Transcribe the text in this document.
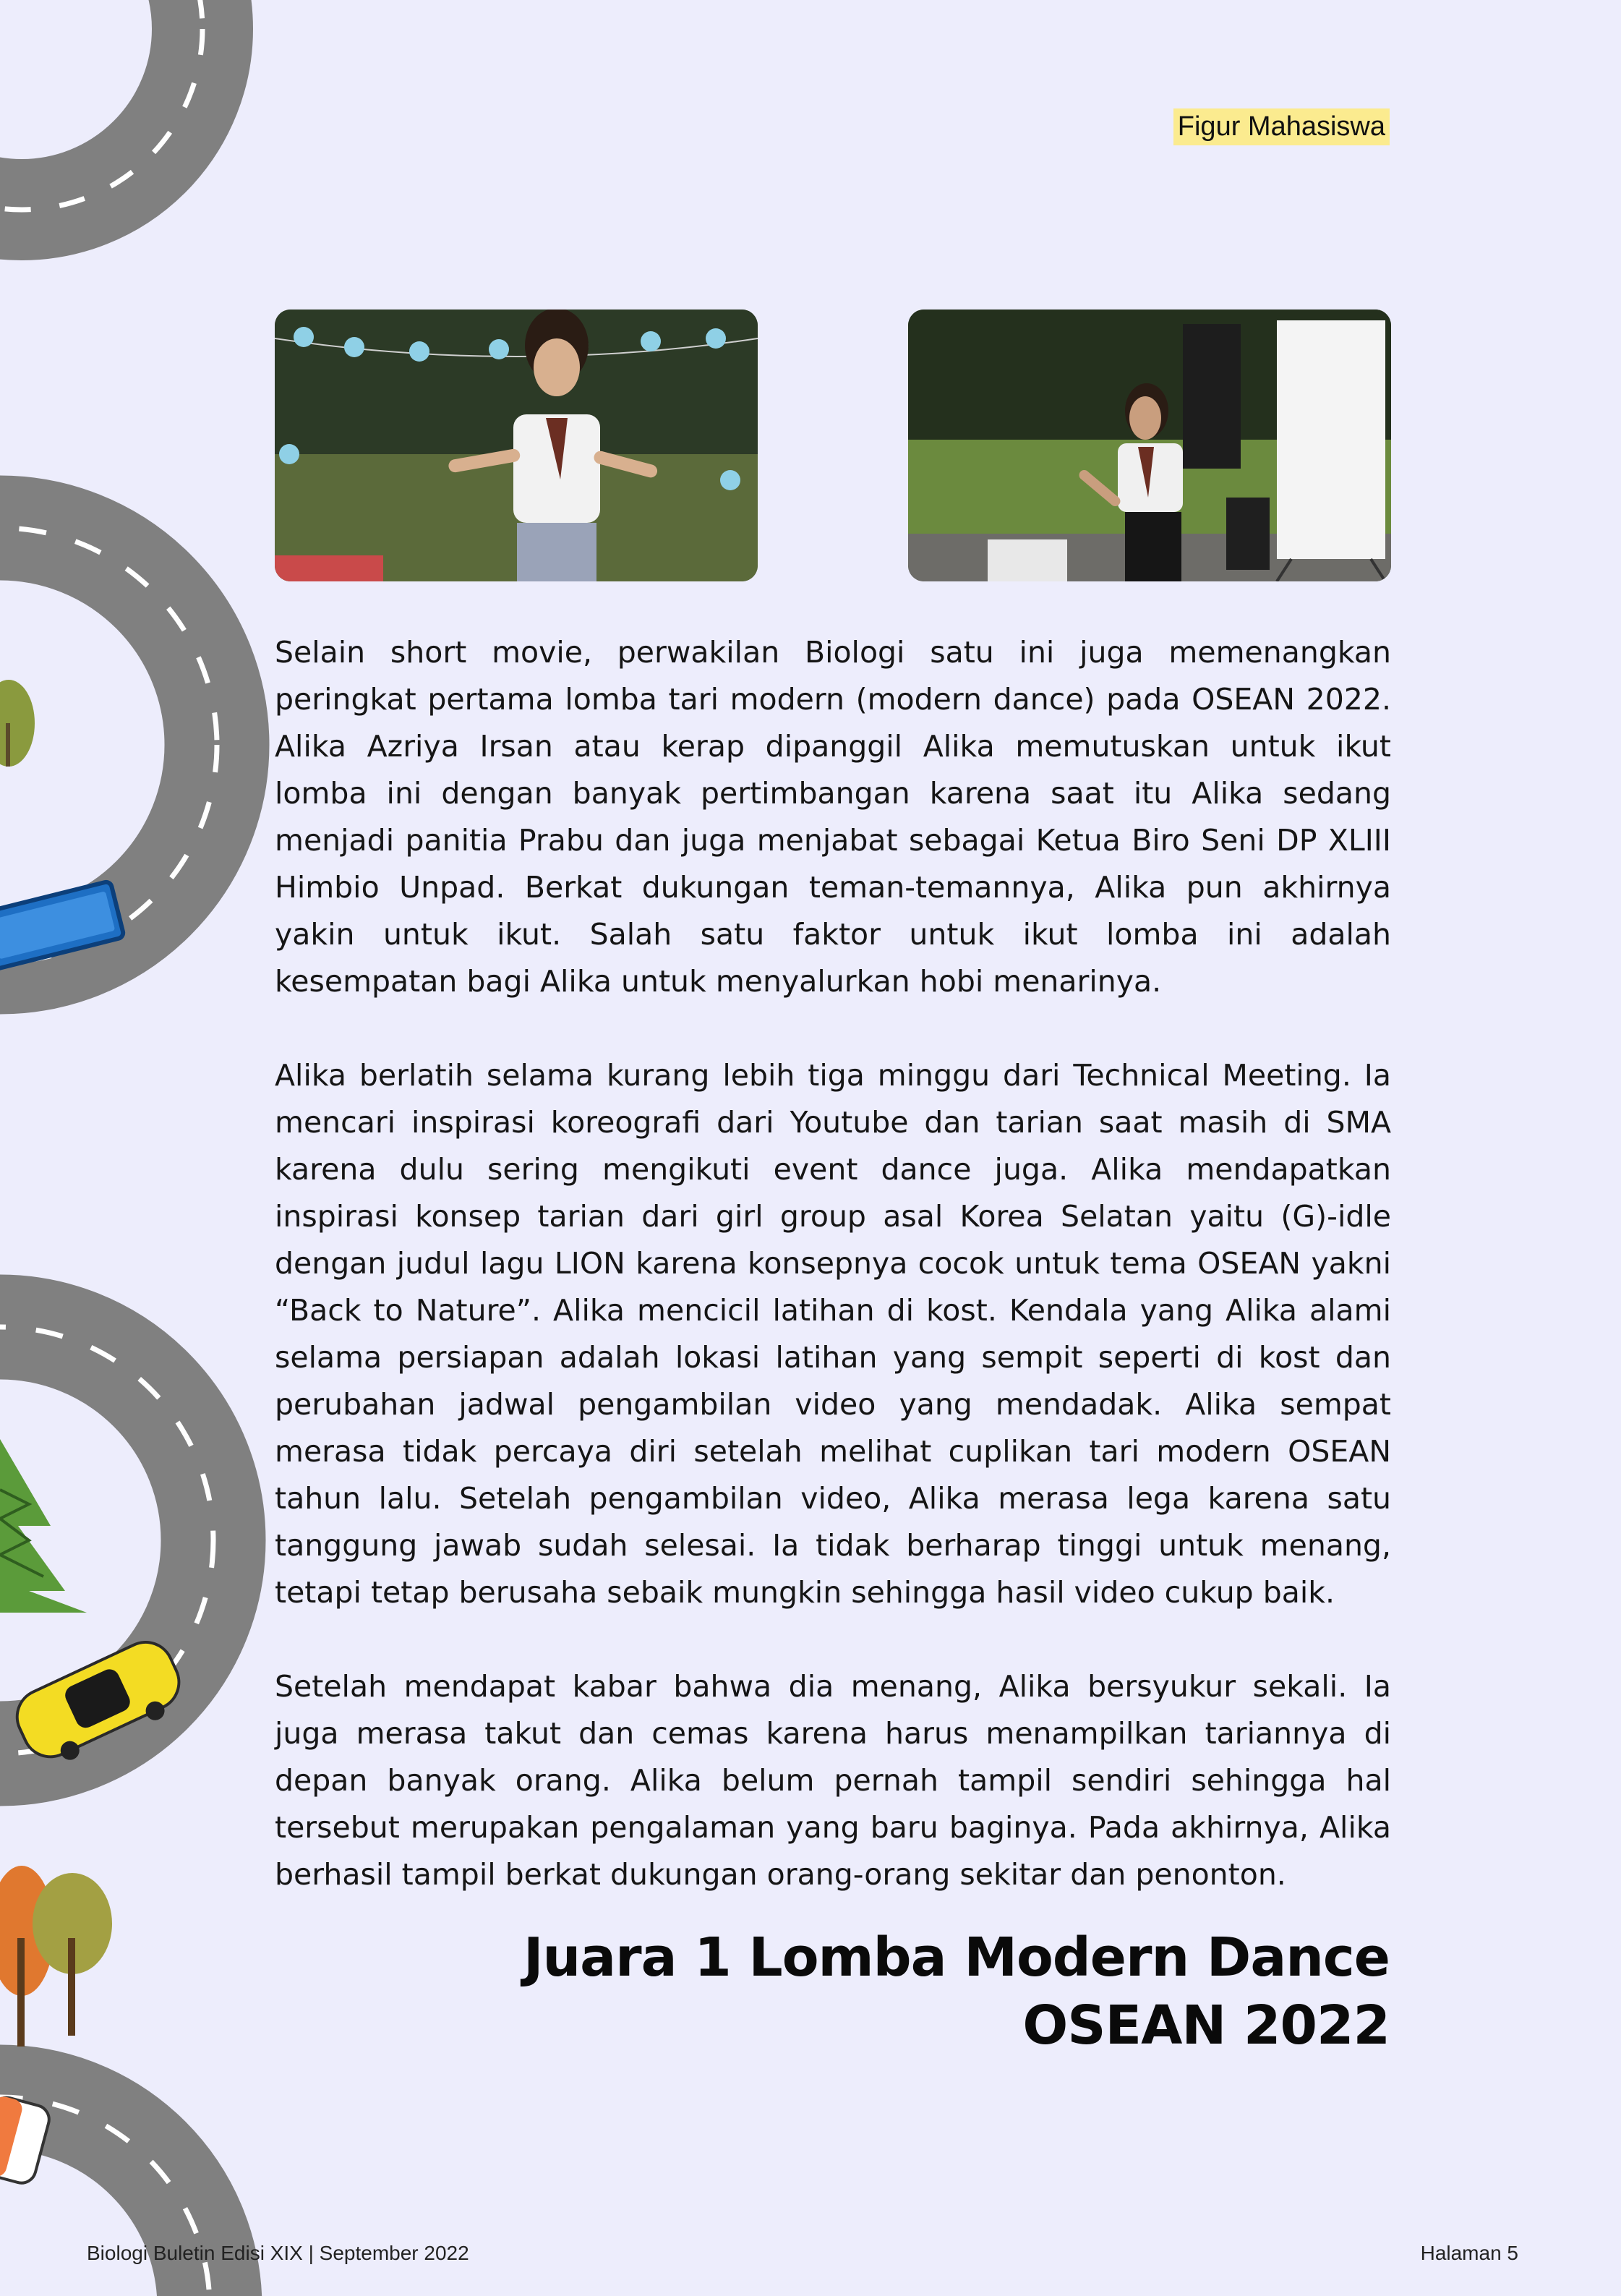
Figur Mahasiswa

Selain short movie, perwakilan Biologi satu ini juga memenangkan peringkat pertama lomba tari modern (modern dance) pada OSEAN 2022. Alika Azriya Irsan atau kerap dipanggil Alika memutuskan untuk ikut lomba ini dengan banyak pertimbangan karena saat itu Alika sedang menjadi panitia Prabu dan juga menjabat sebagai Ketua Biro Seni DP XLIII Himbio Unpad. Berkat dukungan teman-temannya, Alika pun akhirnya yakin untuk ikut. Salah satu faktor untuk ikut lomba ini adalah kesempatan bagi Alika untuk menyalurkan hobi menarinya.

Alika berlatih selama kurang lebih tiga minggu dari Technical Meeting. Ia mencari inspirasi koreografi dari Youtube dan tarian saat masih di SMA karena dulu sering mengikuti event dance juga. Alika mendapatkan inspirasi konsep tarian dari girl group asal Korea Selatan yaitu (G)-idle dengan judul lagu LION karena konsepnya cocok untuk tema OSEAN yakni “Back to Nature”. Alika mencicil latihan di kost. Kendala yang Alika alami selama persiapan adalah lokasi latihan yang sempit seperti di kost dan perubahan jadwal pengambilan video yang mendadak. Alika sempat merasa tidak percaya diri setelah melihat cuplikan tari modern OSEAN tahun lalu. Setelah pengambilan video, Alika merasa lega karena satu tanggung jawab sudah selesai. Ia tidak berharap tinggi untuk menang, tetapi tetap berusaha sebaik mungkin sehingga hasil video cukup baik.

Setelah mendapat kabar bahwa dia menang, Alika bersyukur sekali. Ia juga merasa takut dan cemas karena harus menampilkan tariannya di depan banyak orang. Alika belum pernah tampil sendiri sehingga hal tersebut merupakan pengalaman yang baru baginya. Pada akhirnya, Alika berhasil tampil berkat dukungan orang-orang sekitar dan penonton.

Juara 1 Lomba Modern Dance OSEAN 2022
Biologi Buletin Edisi XIX | September 2022	Halaman 5
